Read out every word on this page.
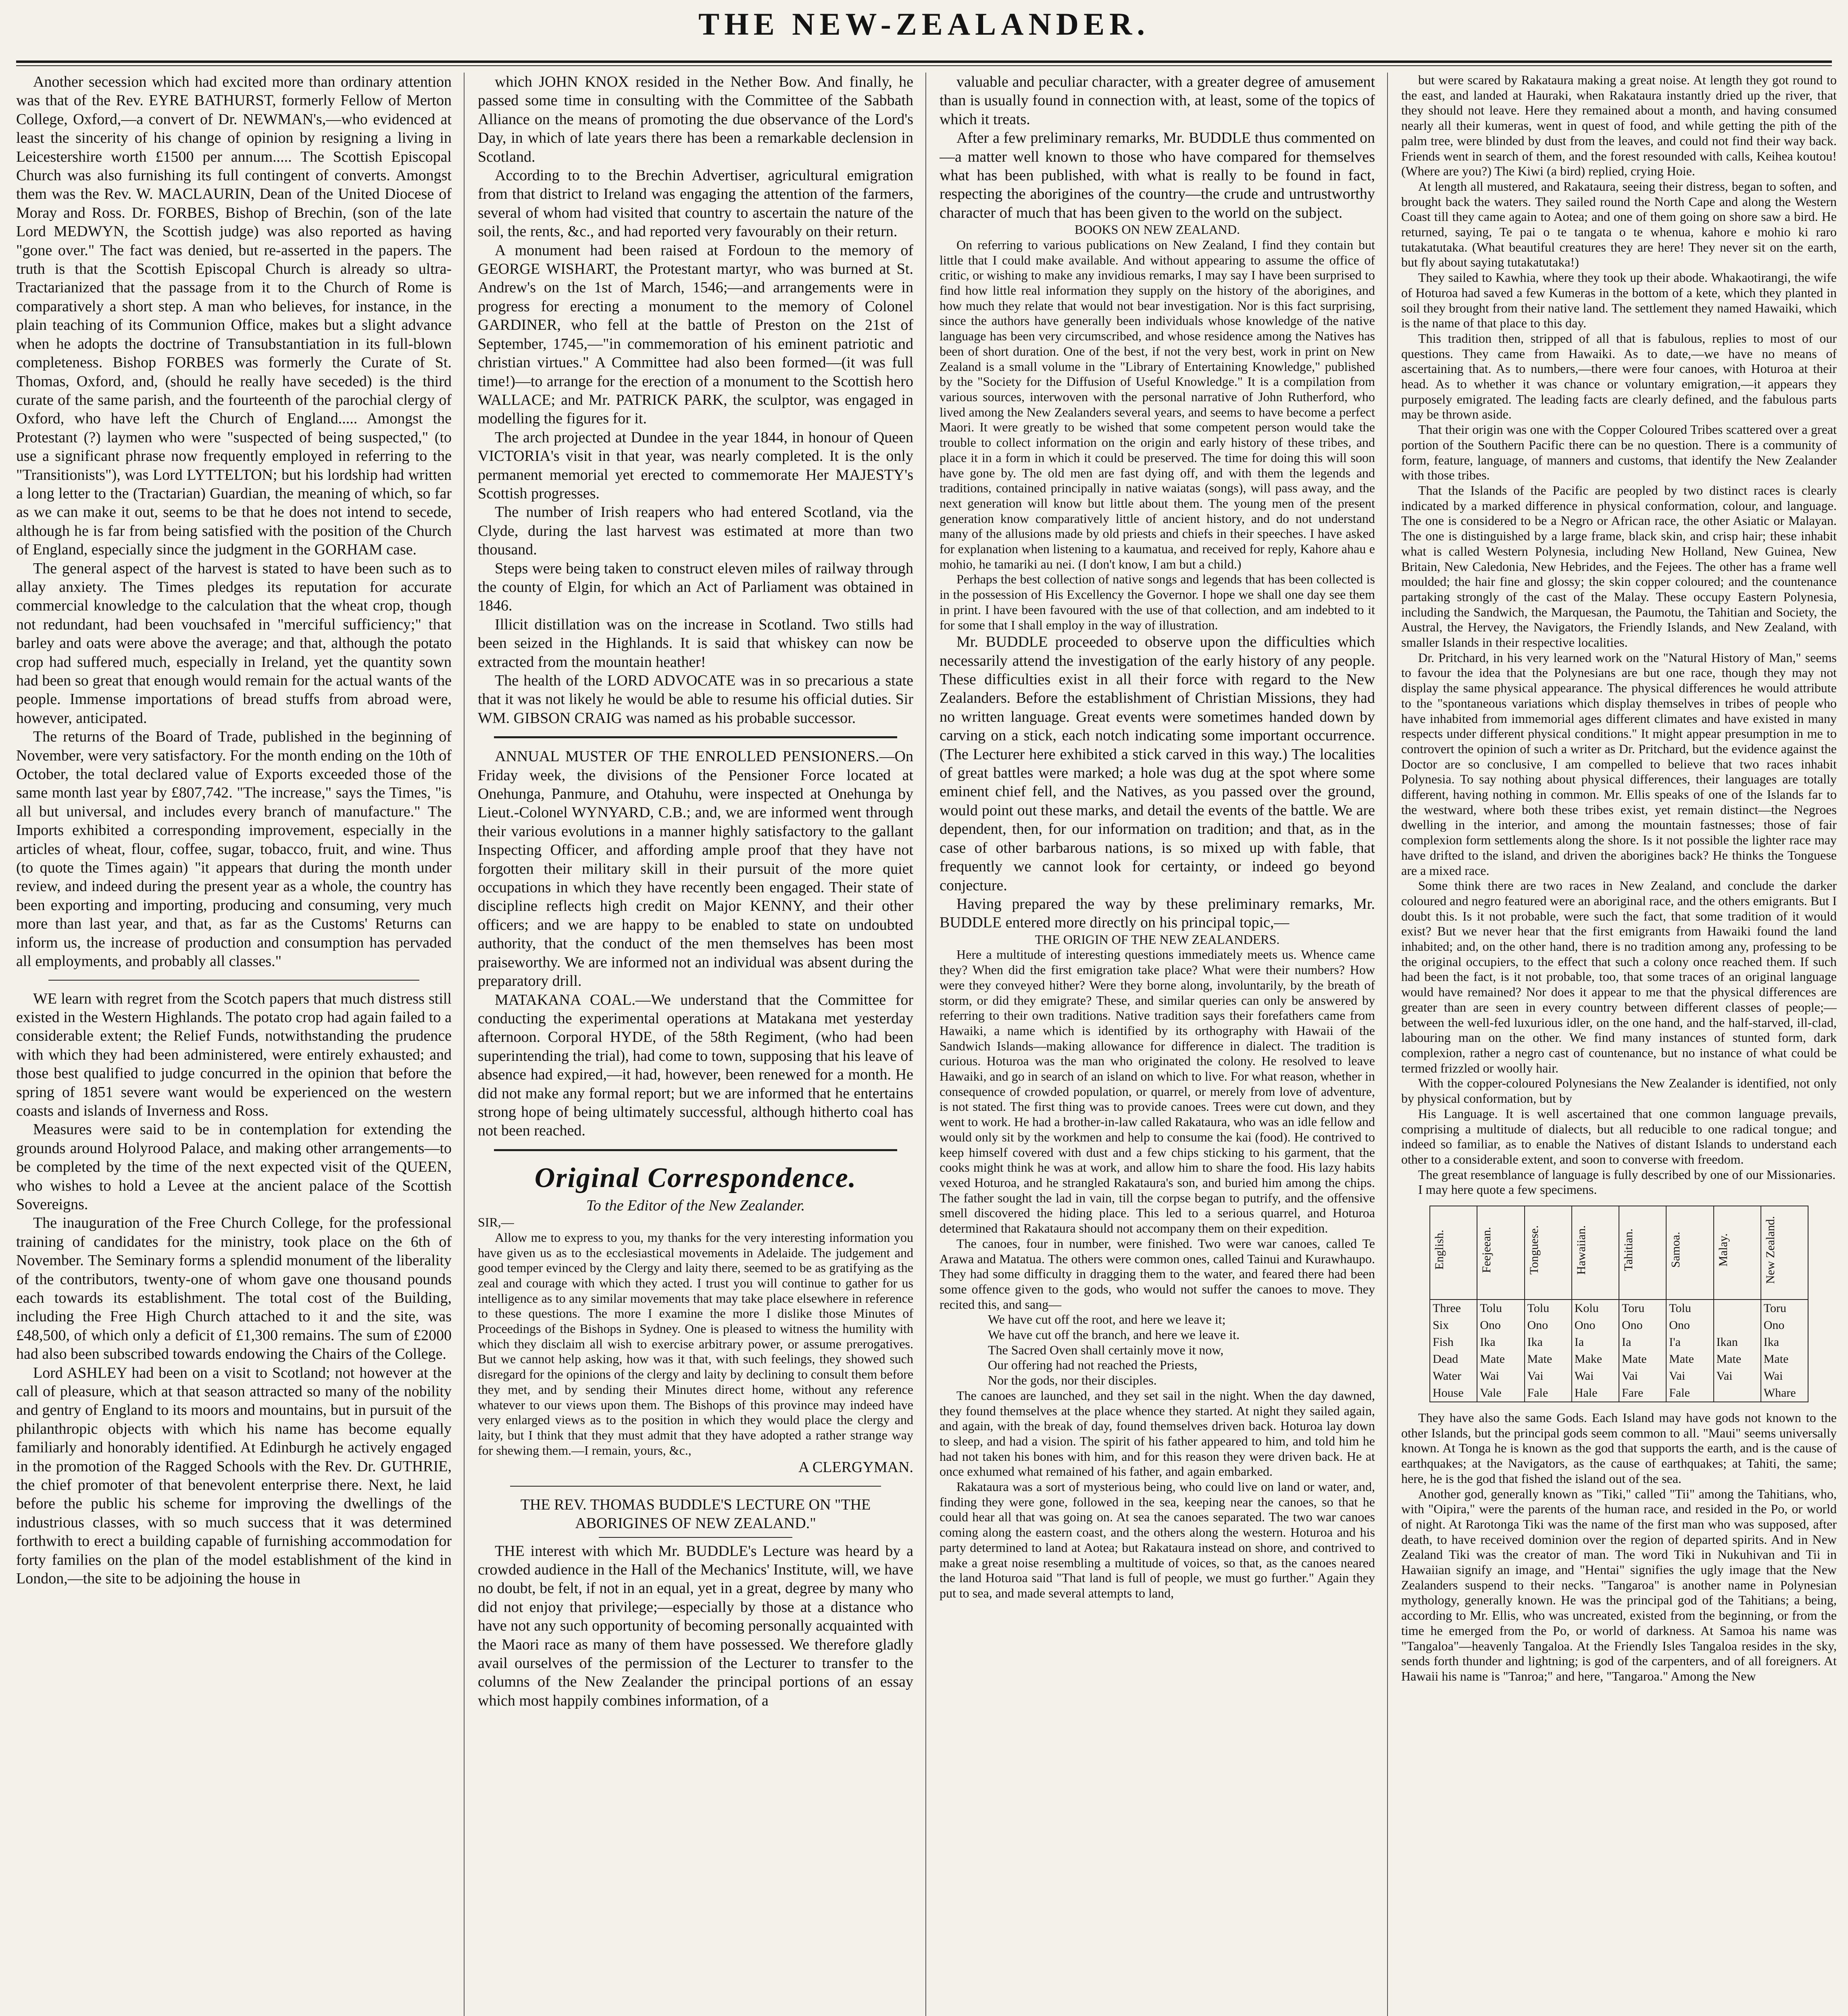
THE NEW-ZEALANDER.

Another secession which had excited more than ordinary attention was that of the Rev. EYRE BATHURST, formerly Fellow of Merton College, Oxford,—a convert of Dr. NEWMAN's,—who evidenced at least the sincerity of his change of opinion by resigning a living in Leicestershire worth £1500 per annum..... The Scottish Episcopal Church was also furnishing its full contingent of converts. Amongst them was the Rev. W. MACLAURIN, Dean of the United Diocese of Moray and Ross. Dr. FORBES, Bishop of Brechin, (son of the late Lord MEDWYN, the Scottish judge) was also reported as having "gone over." The fact was denied, but re-asserted in the papers. The truth is that the Scottish Episcopal Church is already so ultra-Tractarianized that the passage from it to the Church of Rome is comparatively a short step. A man who believes, for instance, in the plain teaching of its Communion Office, makes but a slight advance when he adopts the doctrine of Transubstantiation in its full-blown completeness. Bishop FORBES was formerly the Curate of St. Thomas, Oxford, and, (should he really have seceded) is the third curate of the same parish, and the fourteenth of the parochial clergy of Oxford, who have left the Church of England..... Amongst the Protestant (?) laymen who were "suspected of being suspected," (to use a significant phrase now frequently employed in referring to the "Transitionists"), was Lord LYTTELTON; but his lordship had written a long letter to the (Tractarian) Guardian, the meaning of which, so far as we can make it out, seems to be that he does not intend to secede, although he is far from being satisfied with the position of the Church of England, especially since the judgment in the GORHAM case.

The general aspect of the harvest is stated to have been such as to allay anxiety. The Times pledges its reputation for accurate commercial knowledge to the calculation that the wheat crop, though not redundant, had been vouchsafed in "merciful sufficiency;" that barley and oats were above the average; and that, although the potato crop had suffered much, especially in Ireland, yet the quantity sown had been so great that enough would remain for the actual wants of the people. Immense importations of bread stuffs from abroad were, however, anticipated.

The returns of the Board of Trade, published in the beginning of November, were very satisfactory. For the month ending on the 10th of October, the total declared value of Exports exceeded those of the same month last year by £807,742. "The increase," says the Times, "is all but universal, and includes every branch of manufacture." The Imports exhibited a corresponding improvement, especially in the articles of wheat, flour, coffee, sugar, tobacco, fruit, and wine. Thus (to quote the Times again) "it appears that during the month under review, and indeed during the present year as a whole, the country has been exporting and importing, producing and consuming, very much more than last year, and that, as far as the Customs' Returns can inform us, the increase of production and consumption has pervaded all employments, and probably all classes."

WE learn with regret from the Scotch papers that much distress still existed in the Western Highlands. The potato crop had again failed to a considerable extent; the Relief Funds, notwithstanding the prudence with which they had been administered, were entirely exhausted; and those best qualified to judge concurred in the opinion that before the spring of 1851 severe want would be experienced on the western coasts and islands of Inverness and Ross.

Measures were said to be in contemplation for extending the grounds around Holyrood Palace, and making other arrangements—to be completed by the time of the next expected visit of the QUEEN, who wishes to hold a Levee at the ancient palace of the Scottish Sovereigns.

The inauguration of the Free Church College, for the professional training of candidates for the ministry, took place on the 6th of November. The Seminary forms a splendid monument of the liberality of the contributors, twenty-one of whom gave one thousand pounds each towards its establishment. The total cost of the Building, including the Free High Church attached to it and the site, was £48,500, of which only a deficit of £1,300 remains. The sum of £2000 had also been subscribed towards endowing the Chairs of the College.

Lord ASHLEY had been on a visit to Scotland; not however at the call of pleasure, which at that season attracted so many of the nobility and gentry of England to its moors and mountains, but in pursuit of the philanthropic objects with which his name has become equally familiarly and honorably identified. At Edinburgh he actively engaged in the promotion of the Ragged Schools with the Rev. Dr. GUTHRIE, the chief promoter of that benevolent enterprise there. Next, he laid before the public his scheme for improving the dwellings of the industrious classes, with so much success that it was determined forthwith to erect a building capable of furnishing accommodation for forty families on the plan of the model establishment of the kind in London,—the site to be adjoining the house in

which JOHN KNOX resided in the Nether Bow. And finally, he passed some time in consulting with the Committee of the Sabbath Alliance on the means of promoting the due observance of the Lord's Day, in which of late years there has been a remarkable declension in Scotland.

According to to the Brechin Advertiser, agricultural emigration from that district to Ireland was engaging the attention of the farmers, several of whom had visited that country to ascertain the nature of the soil, the rents, &c., and had reported very favourably on their return.

A monument had been raised at Fordoun to the memory of GEORGE WISHART, the Protestant martyr, who was burned at St. Andrew's on the 1st of March, 1546;—and arrangements were in progress for erecting a monument to the memory of Colonel GARDINER, who fell at the battle of Preston on the 21st of September, 1745,—"in commemoration of his eminent patriotic and christian virtues." A Committee had also been formed—(it was full time!)—to arrange for the erection of a monument to the Scottish hero WALLACE; and Mr. PATRICK PARK, the sculptor, was engaged in modelling the figures for it.

The arch projected at Dundee in the year 1844, in honour of Queen VICTORIA's visit in that year, was nearly completed. It is the only permanent memorial yet erected to commemorate Her MAJESTY's Scottish progresses.

The number of Irish reapers who had entered Scotland, via the Clyde, during the last harvest was estimated at more than two thousand.

Steps were being taken to construct eleven miles of railway through the county of Elgin, for which an Act of Parliament was obtained in 1846.

Illicit distillation was on the increase in Scotland. Two stills had been seized in the Highlands. It is said that whiskey can now be extracted from the mountain heather!

The health of the LORD ADVOCATE was in so precarious a state that it was not likely he would be able to resume his official duties. Sir WM. GIBSON CRAIG was named as his probable successor.

ANNUAL MUSTER OF THE ENROLLED PENSIONERS.—On Friday week, the divisions of the Pensioner Force located at Onehunga, Panmure, and Otahuhu, were inspected at Onehunga by Lieut.-Colonel WYNYARD, C.B.; and, we are informed went through their various evolutions in a manner highly satisfactory to the gallant Inspecting Officer, and affording ample proof that they have not forgotten their military skill in their pursuit of the more quiet occupations in which they have recently been engaged. Their state of discipline reflects high credit on Major KENNY, and their other officers; and we are happy to be enabled to state on undoubted authority, that the conduct of the men themselves has been most praiseworthy. We are informed not an individual was absent during the preparatory drill.

MATAKANA COAL.—We understand that the Committee for conducting the experimental operations at Matakana met yesterday afternoon. Corporal HYDE, of the 58th Regiment, (who had been superintending the trial), had come to town, supposing that his leave of absence had expired,—it had, however, been renewed for a month. He did not make any formal report; but we are informed that he entertains strong hope of being ultimately successful, although hitherto coal has not been reached.

Original Correspondence.

To the Editor of the New Zealander.

SIR,—

Allow me to express to you, my thanks for the very interesting information you have given us as to the ecclesiastical movements in Adelaide. The judgement and good temper evinced by the Clergy and laity there, seemed to be as gratifying as the zeal and courage with which they acted. I trust you will continue to gather for us intelligence as to any similar movements that may take place elsewhere in reference to these questions. The more I examine the more I dislike those Minutes of Proceedings of the Bishops in Sydney. One is pleased to witness the humility with which they disclaim all wish to exercise arbitrary power, or assume prerogatives. But we cannot help asking, how was it that, with such feelings, they showed such disregard for the opinions of the clergy and laity by declining to consult them before they met, and by sending their Minutes direct home, without any reference whatever to our views upon them. The Bishops of this province may indeed have very enlarged views as to the position in which they would place the clergy and laity, but I think that they must admit that they have adopted a rather strange way for shewing them.—I remain, yours, &c.,

A CLERGYMAN.

THE REV. THOMAS BUDDLE'S LECTURE ON "THE ABORIGINES OF NEW ZEALAND."

THE interest with which Mr. BUDDLE's Lecture was heard by a crowded audience in the Hall of the Mechanics' Institute, will, we have no doubt, be felt, if not in an equal, yet in a great, degree by many who did not enjoy that privilege;—especially by those at a distance who have not any such opportunity of becoming personally acquainted with the Maori race as many of them have possessed. We therefore gladly avail ourselves of the permission of the Lecturer to transfer to the columns of the New Zealander the principal portions of an essay which most happily combines information, of a

valuable and peculiar character, with a greater degree of amusement than is usually found in connection with, at least, some of the topics of which it treats.

After a few preliminary remarks, Mr. BUDDLE thus commented on—a matter well known to those who have compared for themselves what has been published, with what is really to be found in fact, respecting the aborigines of the country—the crude and untrustworthy character of much that has been given to the world on the subject.

BOOKS ON NEW ZEALAND.

On referring to various publications on New Zealand, I find they contain but little that I could make available. And without appearing to assume the office of critic, or wishing to make any invidious remarks, I may say I have been surprised to find how little real information they supply on the history of the aborigines, and how much they relate that would not bear investigation. Nor is this fact surprising, since the authors have generally been individuals whose knowledge of the native language has been very circumscribed, and whose residence among the Natives has been of short duration. One of the best, if not the very best, work in print on New Zealand is a small volume in the "Library of Entertaining Knowledge," published by the "Society for the Diffusion of Useful Knowledge." It is a compilation from various sources, interwoven with the personal narrative of John Rutherford, who lived among the New Zealanders several years, and seems to have become a perfect Maori. It were greatly to be wished that some competent person would take the trouble to collect information on the origin and early history of these tribes, and place it in a form in which it could be preserved. The time for doing this will soon have gone by. The old men are fast dying off, and with them the legends and traditions, contained principally in native waiatas (songs), will pass away, and the next generation will know but little about them. The young men of the present generation know comparatively little of ancient history, and do not understand many of the allusions made by old priests and chiefs in their speeches. I have asked for explanation when listening to a kaumatua, and received for reply, Kahore ahau e mohio, he tamariki au nei. (I don't know, I am but a child.)

Perhaps the best collection of native songs and legends that has been collected is in the possession of His Excellency the Governor. I hope we shall one day see them in print. I have been favoured with the use of that collection, and am indebted to it for some that I shall employ in the way of illustration.

Mr. BUDDLE proceeded to observe upon the difficulties which necessarily attend the investigation of the early history of any people. These difficulties exist in all their force with regard to the New Zealanders. Before the establishment of Christian Missions, they had no written language. Great events were sometimes handed down by carving on a stick, each notch indicating some important occurrence. (The Lecturer here exhibited a stick carved in this way.) The localities of great battles were marked; a hole was dug at the spot where some eminent chief fell, and the Natives, as you passed over the ground, would point out these marks, and detail the events of the battle. We are dependent, then, for our information on tradition; and that, as in the case of other barbarous nations, is so mixed up with fable, that frequently we cannot look for certainty, or indeed go beyond conjecture.

Having prepared the way by these preliminary remarks, Mr. BUDDLE entered more directly on his principal topic,—

THE ORIGIN OF THE NEW ZEALANDERS.

Here a multitude of interesting questions immediately meets us. Whence came they? When did the first emigration take place? What were their numbers? How were they conveyed hither? Were they borne along, involuntarily, by the breath of storm, or did they emigrate? These, and similar queries can only be answered by referring to their own traditions. Native tradition says their forefathers came from Hawaiki, a name which is identified by its orthography with Hawaii of the Sandwich Islands—making allowance for difference in dialect. The tradition is curious. Hoturoa was the man who originated the colony. He resolved to leave Hawaiki, and go in search of an island on which to live. For what reason, whether in consequence of crowded population, or quarrel, or merely from love of adventure, is not stated. The first thing was to provide canoes. Trees were cut down, and they went to work. He had a brother-in-law called Rakataura, who was an idle fellow and would only sit by the workmen and help to consume the kai (food). He contrived to keep himself covered with dust and a few chips sticking to his garment, that the cooks might think he was at work, and allow him to share the food. His lazy habits vexed Hoturoa, and he strangled Rakataura's son, and buried him among the chips. The father sought the lad in vain, till the corpse began to putrify, and the offensive smell discovered the hiding place. This led to a serious quarrel, and Hoturoa determined that Rakataura should not accompany them on their expedition.

The canoes, four in number, were finished. Two were war canoes, called Te Arawa and Matatua. The others were common ones, called Tainui and Kurawhaupo. They had some difficulty in dragging them to the water, and feared there had been some offence given to the gods, who would not suffer the canoes to move. They recited this, and sang—

We have cut off the root, and here we leave it;

We have cut off the branch, and here we leave it.

The Sacred Oven shall certainly move it now,

Our offering had not reached the Priests,

Nor the gods, nor their disciples.

The canoes are launched, and they set sail in the night. When the day dawned, they found themselves at the place whence they started. At night they sailed again, and again, with the break of day, found themselves driven back. Hoturoa lay down to sleep, and had a vision. The spirit of his father appeared to him, and told him he had not taken his bones with him, and for this reason they were driven back. He at once exhumed what remained of his father, and again embarked.

Rakataura was a sort of mysterious being, who could live on land or water, and, finding they were gone, followed in the sea, keeping near the canoes, so that he could hear all that was going on. At sea the canoes separated. The two war canoes coming along the eastern coast, and the others along the western. Hoturoa and his party determined to land at Aotea; but Rakataura instead on shore, and contrived to make a great noise resembling a multitude of voices, so that, as the canoes neared the land Hoturoa said "That land is full of people, we must go further." Again they put to sea, and made several attempts to land,

but were scared by Rakataura making a great noise. At length they got round to the east, and landed at Hauraki, when Rakataura instantly dried up the river, that they should not leave. Here they remained about a month, and having consumed nearly all their kumeras, went in quest of food, and while getting the pith of the palm tree, were blinded by dust from the leaves, and could not find their way back. Friends went in search of them, and the forest resounded with calls, Keihea koutou! (Where are you?) The Kiwi (a bird) replied, crying Hoie.

At length all mustered, and Rakataura, seeing their distress, began to soften, and brought back the waters. They sailed round the North Cape and along the Western Coast till they came again to Aotea; and one of them going on shore saw a bird. He returned, saying, Te pai o te tangata o te whenua, kahore e mohio ki raro tutakatutaka. (What beautiful creatures they are here! They never sit on the earth, but fly about saying tutakatutaka!)

They sailed to Kawhia, where they took up their abode. Whakaotirangi, the wife of Hoturoa had saved a few Kumeras in the bottom of a kete, which they planted in soil they brought from their native land. The settlement they named Hawaiki, which is the name of that place to this day.

This tradition then, stripped of all that is fabulous, replies to most of our questions. They came from Hawaiki. As to date,—we have no means of ascertaining that. As to numbers,—there were four canoes, with Hoturoa at their head. As to whether it was chance or voluntary emigration,—it appears they purposely emigrated. The leading facts are clearly defined, and the fabulous parts may be thrown aside.

That their origin was one with the Copper Coloured Tribes scattered over a great portion of the Southern Pacific there can be no question. There is a community of form, feature, language, of manners and customs, that identify the New Zealander with those tribes.

That the Islands of the Pacific are peopled by two distinct races is clearly indicated by a marked difference in physical conformation, colour, and language. The one is considered to be a Negro or African race, the other Asiatic or Malayan. The one is distinguished by a large frame, black skin, and crisp hair; these inhabit what is called Western Polynesia, including New Holland, New Guinea, New Britain, New Caledonia, New Hebrides, and the Fejees. The other has a frame well moulded; the hair fine and glossy; the skin copper coloured; and the countenance partaking strongly of the cast of the Malay. These occupy Eastern Polynesia, including the Sandwich, the Marquesan, the Paumotu, the Tahitian and Society, the Austral, the Hervey, the Navigators, the Friendly Islands, and New Zealand, with smaller Islands in their respective localities.

Dr. Pritchard, in his very learned work on the "Natural History of Man," seems to favour the idea that the Polynesians are but one race, though they may not display the same physical appearance. The physical differences he would attribute to the "spontaneous variations which display themselves in tribes of people who have inhabited from immemorial ages different climates and have existed in many respects under different physical conditions." It might appear presumption in me to controvert the opinion of such a writer as Dr. Pritchard, but the evidence against the Doctor are so conclusive, I am compelled to believe that two races inhabit Polynesia. To say nothing about physical differences, their languages are totally different, having nothing in common. Mr. Ellis speaks of one of the Islands far to the westward, where both these tribes exist, yet remain distinct—the Negroes dwelling in the interior, and among the mountain fastnesses; those of fair complexion form settlements along the shore. Is it not possible the lighter race may have drifted to the island, and driven the aborigines back? He thinks the Tonguese are a mixed race.

Some think there are two races in New Zealand, and conclude the darker coloured and negro featured were an aboriginal race, and the others emigrants. But I doubt this. Is it not probable, were such the fact, that some tradition of it would exist? But we never hear that the first emigrants from Hawaiki found the land inhabited; and, on the other hand, there is no tradition among any, professing to be the original occupiers, to the effect that such a colony once reached them. If such had been the fact, is it not probable, too, that some traces of an original language would have remained? Nor does it appear to me that the physical differences are greater than are seen in every country between different classes of people;—between the well-fed luxurious idler, on the one hand, and the half-starved, ill-clad, labouring man on the other. We find many instances of stunted form, dark complexion, rather a negro cast of countenance, but no instance of what could be termed frizzled or woolly hair.

With the copper-coloured Polynesians the New Zealander is identified, not only by physical conformation, but by

His Language. It is well ascertained that one common language prevails, comprising a multitude of dialects, but all reducible to one radical tongue; and indeed so familiar, as to enable the Natives of distant Islands to understand each other to a considerable extent, and soon to converse with freedom.

The great resemblance of language is fully described by one of our Missionaries.

I may here quote a few specimens.

English.	Feejeean.	Tonguese.	Hawaiian.	Tahitian.	Samoa.	Malay.	New Zealand.
Three	Tolu	Tolu	Kolu	Toru	Tolu		Toru
Six	Ono	Ono	Ono	Ono	Ono		Ono
Fish	Ika	Ika	Ia	Ia	I'a	Ikan	Ika
Dead	Mate	Mate	Make	Mate	Mate	Mate	Mate
Water	Wai	Vai	Wai	Vai	Vai	Vai	Wai
House	Vale	Fale	Hale	Fare	Fale		Whare

They have also the same Gods. Each Island may have gods not known to the other Islands, but the principal gods seem common to all. "Maui" seems universally known. At Tonga he is known as the god that supports the earth, and is the cause of earthquakes; at the Navigators, as the cause of earthquakes; at Tahiti, the same; here, he is the god that fished the island out of the sea.

Another god, generally known as "Tiki," called "Tii" among the Tahitians, who, with "Oipira," were the parents of the human race, and resided in the Po, or world of night. At Rarotonga Tiki was the name of the first man who was supposed, after death, to have received dominion over the region of departed spirits. And in New Zealand Tiki was the creator of man. The word Tiki in Nukuhivan and Tii in Hawaiian signify an image, and "Hentai" signifies the ugly image that the New Zealanders suspend to their necks. "Tangaroa" is another name in Polynesian mythology, generally known. He was the principal god of the Tahitians; a being, according to Mr. Ellis, who was uncreated, existed from the beginning, or from the time he emerged from the Po, or world of darkness. At Samoa his name was "Tangaloa"—heavenly Tangaloa. At the Friendly Isles Tangaloa resides in the sky, sends forth thunder and lightning; is god of the carpenters, and of all foreigners. At Hawaii his name is "Tanroa;" and here, "Tangaroa." Among the New
